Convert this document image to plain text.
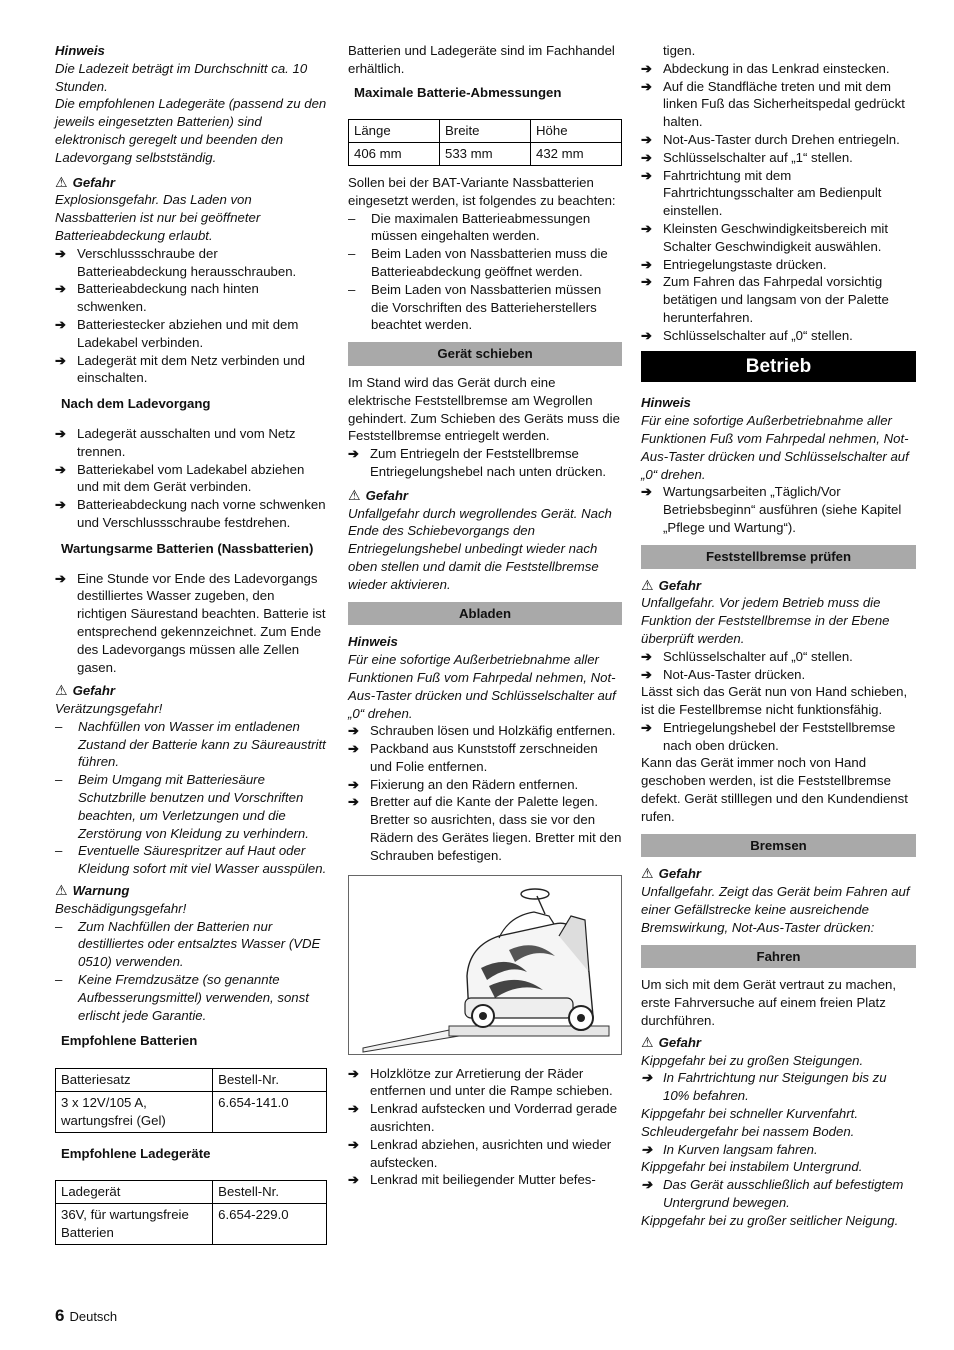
Hinweis

Die Ladezeit beträgt im Durchschnitt ca. 10 Stunden.

Die empfohlenen Ladegeräte (passend zu den jeweils eingesetzten Batterien) sind elektronisch geregelt und beenden den Ladevorgang selbstständig.

⚠ Gefahr

Explosionsgefahr. Das Laden von Nassbatterien ist nur bei geöffneter Batterieabdeckung erlaubt.

➔ Verschlussschraube der Batterieabdeckung herausschrauben.
➔ Batterieabdeckung nach hinten schwenken.
➔ Batteriestecker abziehen und mit dem Ladekabel verbinden.
➔ Ladegerät mit dem Netz verbinden und einschalten.

Nach dem Ladevorgang

➔ Ladegerät ausschalten und vom Netz trennen.
➔ Batteriekabel vom Ladekabel abziehen und mit dem Gerät verbinden.
➔ Batterieabdeckung nach vorne schwenken und Verschlussschraube festdrehen.

Wartungsarme Batterien (Nassbatterien)

➔ Eine Stunde vor Ende des Ladevorgangs destilliertes Wasser zugeben, den richtigen Säurestand beachten. Batterie ist entsprechend gekennzeichnet. Zum Ende des Ladevorgangs müssen alle Zellen gasen.

⚠ Gefahr

Verätzungsgefahr!

– Nachfüllen von Wasser im entladenen Zustand der Batterie kann zu Säureaustritt führen.
– Beim Umgang mit Batteriesäure Schutzbrille benutzen und Vorschriften beachten, um Verletzungen und die Zerstörung von Kleidung zu verhindern.
– Eventuelle Säurespritzer auf Haut oder Kleidung sofort mit viel Wasser ausspülen.

⚠ Warnung

Beschädigungsgefahr!

– Zum Nachfüllen der Batterien nur destilliertes oder entsalztes Wasser (VDE 0510) verwenden.
– Keine Fremdzusätze (so genannte Aufbesserungsmittel) verwenden, sonst erlischt jede Garantie.

Empfohlene Batterien

Batteriesatz	Bestell-Nr.
3 x 12V/105 A, wartungsfrei (Gel)	6.654-141.0

Empfohlene Ladegeräte

Ladegerät	Bestell-Nr.
36V, für wartungsfreie Batterien	6.654-229.0

Batterien und Ladegeräte sind im Fachhandel erhältlich.

Maximale Batterie-Abmessungen

Länge	Breite	Höhe
406 mm	533 mm	432 mm

Sollen bei der BAT-Variante Nassbatterien eingesetzt werden, ist folgendes zu beachten:

– Die maximalen Batterieabmessungen müssen eingehalten werden.
– Beim Laden von Nassbatterien muss die Batterieabdeckung geöffnet werden.
– Beim Laden von Nassbatterien müssen die Vorschriften des Batterieherstellers beachtet werden.
Gerät schieben

Im Stand wird das Gerät durch eine elektrische Feststellbremse am Wegrollen gehindert. Zum Schieben des Geräts muss die Feststellbremse entriegelt werden.

➔ Zum Entriegeln der Feststellbremse Entriegelungshebel nach unten drücken.

⚠ Gefahr

Unfallgefahr durch wegrollendes Gerät. Nach Ende des Schiebevorgangs den Entriegelungshebel unbedingt wieder nach oben stellen und damit die Feststellbremse wieder aktivieren.

Abladen

Hinweis

Für eine sofortige Außerbetriebnahme aller Funktionen Fuß vom Fahrpedal nehmen, Not-Aus-Taster drücken und Schlüsselschalter auf „0“ drehen.

➔ Schrauben lösen und Holzkäfig entfernen.
➔ Packband aus Kunststoff zerschneiden und Folie entfernen.
➔ Fixierung an den Rädern entfernen.
➔ Bretter auf die Kante der Palette legen. Bretter so ausrichten, dass sie vor den Rädern des Gerätes liegen. Bretter mit den Schrauben befestigen.
➔ Holzklötze zur Arretierung der Räder entfernen und unter die Rampe schieben.
➔ Lenkrad aufstecken und Vorderrad gerade ausrichten.
➔ Lenkrad abziehen, ausrichten und wieder aufstecken.
➔ Lenkrad mit beiliegender Mutter befes-

tigen.

➔ Abdeckung in das Lenkrad einstecken.
➔ Auf die Standfläche treten und mit dem linken Fuß das Sicherheitspedal gedrückt halten.
➔ Not-Aus-Taster durch Drehen entriegeln.
➔ Schlüsselschalter auf „1“ stellen.
➔ Fahrtrichtung mit dem Fahrtrichtungsschalter am Bedienpult einstellen.
➔ Kleinsten Geschwindigkeitsbereich mit Schalter Geschwindigkeit auswählen.
➔ Entriegelungstaste drücken.
➔ Zum Fahren das Fahrpedal vorsichtig betätigen und langsam von der Palette herunterfahren.
➔ Schlüsselschalter auf „0“ stellen.
Betrieb

Hinweis

Für eine sofortige Außerbetriebnahme aller Funktionen Fuß vom Fahrpedal nehmen, Not-Aus-Taster drücken und Schlüsselschalter auf „0“ drehen.

➔ Wartungsarbeiten „Täglich/Vor Betriebsbeginn“ ausführen (siehe Kapitel „Pflege und Wartung“).
Feststellbremse prüfen

⚠ Gefahr

Unfallgefahr. Vor jedem Betrieb muss die Funktion der Feststellbremse in der Ebene überprüft werden.

➔ Schlüsselschalter auf „0“ stellen.
➔ Not-Aus-Taster drücken.

Lässt sich das Gerät nun von Hand schieben, ist die Festellbremse nicht funktionsfähig.

➔ Entriegelungshebel der Feststellbremse nach oben drücken.

Kann das Gerät immer noch von Hand geschoben werden, ist die Feststellbremse defekt. Gerät stilllegen und den Kundendienst rufen.

Bremsen

⚠ Gefahr

Unfallgefahr. Zeigt das Gerät beim Fahren auf einer Gefällstrecke keine ausreichende Bremswirkung, Not-Aus-Taster drücken:

Fahren

Um sich mit dem Gerät vertraut zu machen, erste Fahrversuche auf einem freien Platz durchführen.

⚠ Gefahr

Kippgefahr bei zu großen Steigungen.

➔ In Fahrtrichtung nur Steigungen bis zu 10% befahren.

Kippgefahr bei schneller Kurvenfahrt. Schleudergefahr bei nassem Boden.

➔ In Kurven langsam fahren.

Kippgefahr bei instabilem Untergrund.

➔ Das Gerät ausschließlich auf befestigtem Untergrund bewegen.

Kippgefahr bei zu großer seitlicher Neigung.

6 Deutsch
